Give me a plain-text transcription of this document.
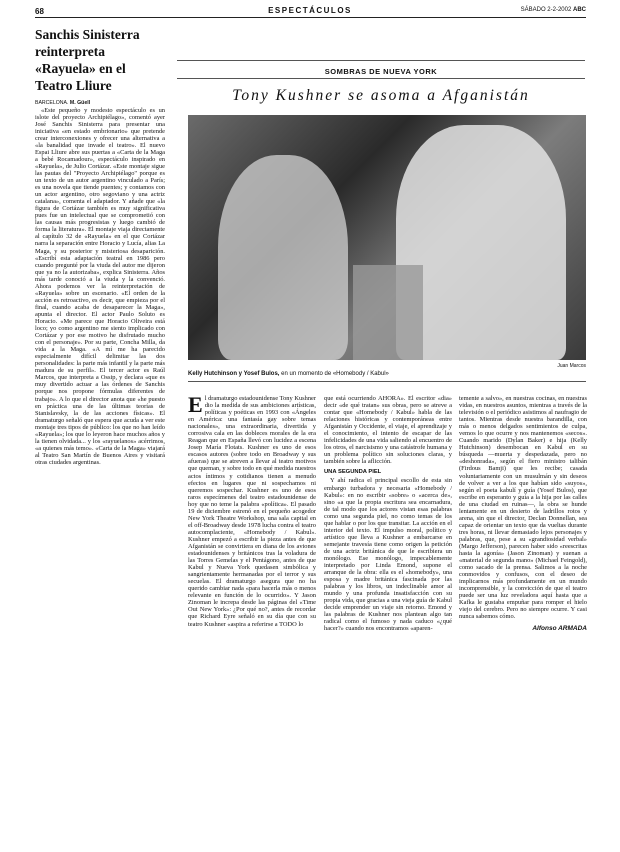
68	ESPECTÁCULOS	SÁBADO 2-2-2002 ABC
Sanchis Sinisterra reinterpreta «Rayuela» en el Teatro Lliure

BARCELONA. M. Güell

«Este pequeño y modesto espectáculo es un islote del proyecto Archipiélago», comentó ayer José Sanchis Sinisterra para presentar una iniciativa «en estado embrionario» que pretende crear interconexiones y ofrecer una alternativa a «la banalidad que invade el teatro». El nuevo Espai Lliure abre sus puertas a «Carta de la Maga a bebé Rocamadour», espectáculo inspirado en «Rayuela», de Julio Cortázar. «Este montaje sigue las pautas del "Proyecto Archipiélago" porque es un texto de un autor argentino vinculado a París; es una novela que tiende puentes; y contamos con un actor argentino, otro segoviano y una actriz catalana», comenta el adaptador. Y añade que «la figura de Cortázar también es muy significativa pues fue un intelectual que se comprometió con las causas más progresistas y luego cambió de forma la literatura». El montaje viaja directamente al capítulo 32 de «Rayuela» en el que Cortázar narra la separación entre Horacio y Lucía, alias La Maga, y su posterior y misteriosa desaparición. «Escribí esta adaptación teatral en 1986 pero cuando pregunté por la viuda del autor me dijeron que ya no la autorizaba», explica Sinisterra. Años más tarde conoció a la viuda y la convenció. Ahora podemos ver la reinterpretación de «Rayuela» sobre un escenario. «El orden de la acción es retroactivo, es decir, que empieza por el final, cuando acaba de desaparecer la Maga», apunta el director. El actor Paulo Soluto es Horacio. «Me parece que Horacio Oliveira está loco; yo como argentino me siento implicado con Cortázar y por ese motivo he disfrutado mucho con el personaje». Por su parte, Concha Milla, da vida a la Maga. «A mí me ha parecido especialmente difícil delimitar las dos personalidades: la parte más infantil y la parte más madura de su perfil». El tercer actor es Raúl Marcos, que interpreta a Ossip, y declara «que es muy divertido actuar a las órdenes de Sanchis porque nos propone fórmulas diferentes de trabajo». A lo que el director anota que «he puesto en práctica una de las últimas teorías de Stanislavsky, la de las acciones físicas». El dramaturgo señaló que espera que acuda a ver este montaje tres tipos de público: los que no han leído «Rayuela»; los que lo leyeron hace muchos años y la tienen olvidada... y los «rayuelanos» acérrimos, «a quienes más temo». «Carta de la Maga» viajará al Teatro San Martín de Buenos Aires y visitará otras ciudades argentinas.

SOMBRAS DE NUEVA YORK
Tony Kushner se asoma a Afganistán
Juan Marcos
Kelly Hutchinson y Yosef Bulos, en un momento de «Homebody / Kabul»
E l dramaturgo estadounidense Tony Kushner dio la medida de sus ambiciones artísticas, políticas y poéticas en 1993 con «Ángeles en América: una fantasía gay sobre temas nacionales», una extraordinaria, divertida y corrosiva cala en las dobleces morales de la era Reagan que en España llevó con lucidez a escena Josep María Flotats. Kushner es uno de esos escasos autores (sobre todo en Broadway y sus afueras) que se atreven a llevar al teatro motivos que queman, y sobre todo en qué medida nuestros actos íntimos y cotidianos tienen a menudo efectos en lugares que ni sospechamos ni queremos sospechar. Kushner es uno de esos raros especímenes del teatro estadounidense de hoy que no teme la palabra «política». El pasado 19 de diciembre estrenó en el pequeño acogedor New York Theatre Workshop, una sala capital en el off-Broadway desde 1978 lucha contra el teatro autocomplaciente, «Homebody / Kabul». Kushner empezó a escribir la pieza antes de que Afganistán se convirtiera en diana de los aviones estadounidenses y británicos tras la voladura de las Torres Gemelas y el Pentágono, antes de que Kabul y Nueva York quedasen simbólica y sangrientamente hermanadas por el terror y sus secuelas. El dramaturgo asegura que no ha querido cambiar nada «para hacerla más o menos relevante en función de lo ocurrido». Y Jason Zinoman le increpa desde las páginas del «Time Out New York»: ¿Por qué no?, antes de recordar que Richard Eyre señaló en su día que con su teatro Kushner «aspira a referirse a TODO lo

que está ocurriendo AHORA». El escritor «dia» decir «de qué tratan» sus obras, pero se atreve a contar que «Homebody / Kabul» habla de las relaciones históricas y contemporáneas entre Afganistán y Occidente, el viaje, el aprendizaje y el conocimiento, el intento de escapar de las infelicidades de una vida saliendo al encuentro de los otros, el narcisismo y una catástrofe humana y un problema político sin soluciones claras, y también sobre la aflicción.

UNA SEGUNDA PIEL

Y ahí radica el principal escollo de esta sin embargo turbadora y necesaria «Homebody / Kabul»: en no escribir «sobre» o «acerca de», sino «a que la propia escritura sea encarnadura, de tal modo que los actores vistan esas palabras como una segunda piel, no como temas de los que hablar o por los que transitar. La acción en el interior del texto. El impulso moral, político y artístico que lleva a Kushner a embarcarse en semejante travesía tiene como origen la petición de una actriz británica de que le escribiera un monólogo. Ese monólogo, impecablemente interpretado por Linda Emond, supone el arranque de la obra: ella es el «homebody», una esposa y madre británica fascinada por las palabras y los libros, un indeclinable amor al mundo y una profunda insatisfacción con su propia vida, que gracias a una vieja guía de Kabul decide emprender un viaje sin retorno. Emond y las palabras de Kushner nos plantean algo tan radical como el fumoso y nada caduco «¿qué hacer?» cuando nos encontramos «aparen-

temente a salvo», en nuestras cocinas, en nuestras vidas, en nuestros asuntos, mientras a través de la televisión o el periódico asistimos al naufragio de tantos. Mientras desde nuestra barandilla, con más o menos delgados sentimientos de culpa, vemos lo que ocurre y nos mantenemos «secos». Cuando marido (Dylan Baker) e hija (Kelly Hutchinson) desembocan en Kabul en su búsqueda —muerta y despedazada, pero no «deshonrada», según el fiero ministro talibán (Firdous Bamji) que les recibe; casada voluntariamente con un musulmán y sin deseos de volver a ver a los que habían sido «suyos», según el poeta kabulí y guía (Yosef Bulos), que escribe en esperanto y guía a la hija por las calles de una ciudad en ruinas—, la obra se hunde lentamente en un desierto de ladrillos rotos y arena, sin que el director, Declan Donnellan, sea capaz de orientar un texto que da vueltas durante tres horas, ni llevar demasiado lejos personajes y palabras, que, pese a su «grandiosidad verbal» (Margo Jefferson), parecen haber sido «reescritas hasta la agonía» (Jason Zinoman) y suenan a «material de segunda mano» (Michael Feingold), como sacado de la prensa. Salimos a la noche conmovidos y confusos, con el deseo de implicarnos más profundamente en un mundo incomprensible, y la convicción de que el teatro puede ser una luz reveladora aquí hasta que a Kafka le gustaba empuñar para romper el hielo viejo del cerebro. Pero no siempre ocurre. Y casi nunca sabemos cómo.

Alfonso ARMADA
